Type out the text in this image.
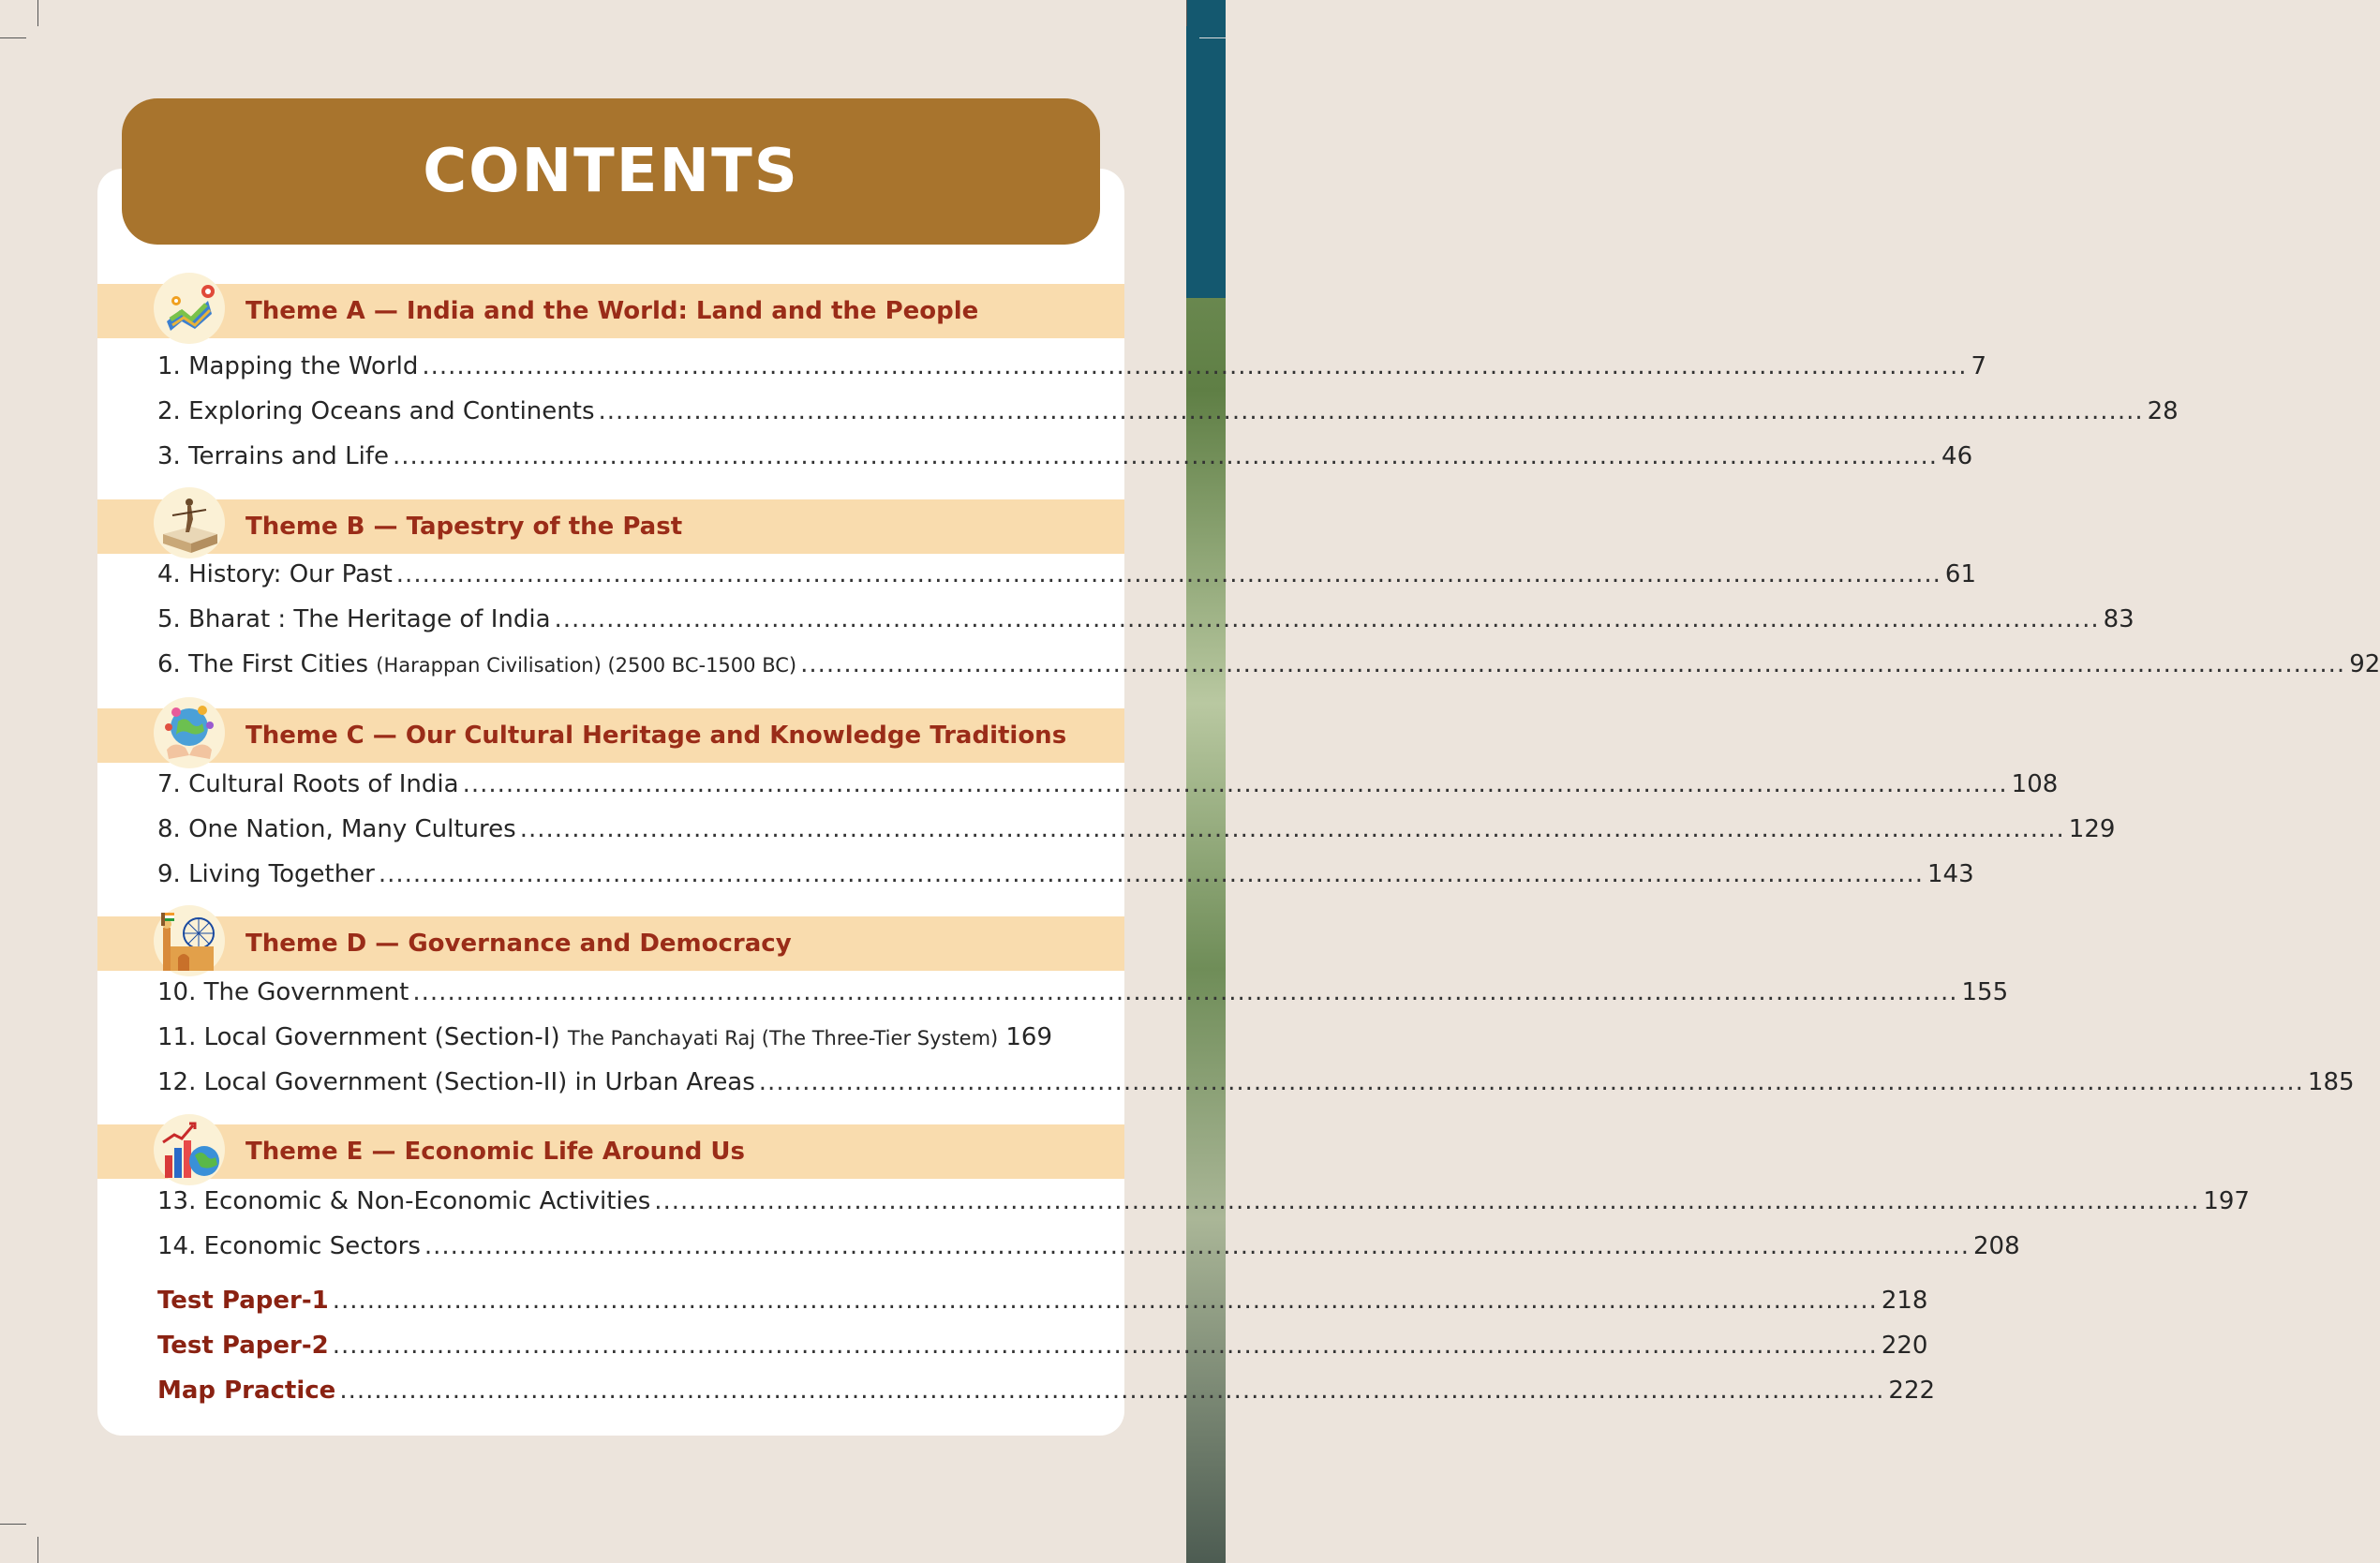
CONTENTS
Theme A — India and the World: Land and the People
1. Mapping the World .................................................................................................................................................................................. 7
2. Exploring Oceans and Continents .................................................................................................................................................................................. 28
3. Terrains and Life .................................................................................................................................................................................. 46
Theme B — Tapestry of the Past
4. History: Our Past .................................................................................................................................................................................. 61
5. Bharat : The Heritage of India .................................................................................................................................................................................. 83
6. The First Cities (Harappan Civilisation) (2500 BC-1500 BC) .................................................................................................................................................................................. 92
Theme C — Our Cultural Heritage and Knowledge Traditions
7. Cultural Roots of India .................................................................................................................................................................................. 108
8. One Nation, Many Cultures .................................................................................................................................................................................. 129
9. Living Together .................................................................................................................................................................................. 143
Theme D — Governance and Democracy
10. The Government .................................................................................................................................................................................. 155
11. Local Government (Section-I) The Panchayati Raj (The Three-Tier System) 169
12. Local Government (Section-II) in Urban Areas .................................................................................................................................................................................. 185
Theme E — Economic Life Around Us
13. Economic & Non-Economic Activities .................................................................................................................................................................................. 197
14. Economic Sectors .................................................................................................................................................................................. 208
Test Paper-1 .................................................................................................................................................................................. 218
Test Paper-2 .................................................................................................................................................................................. 220
Map Practice .................................................................................................................................................................................. 222
